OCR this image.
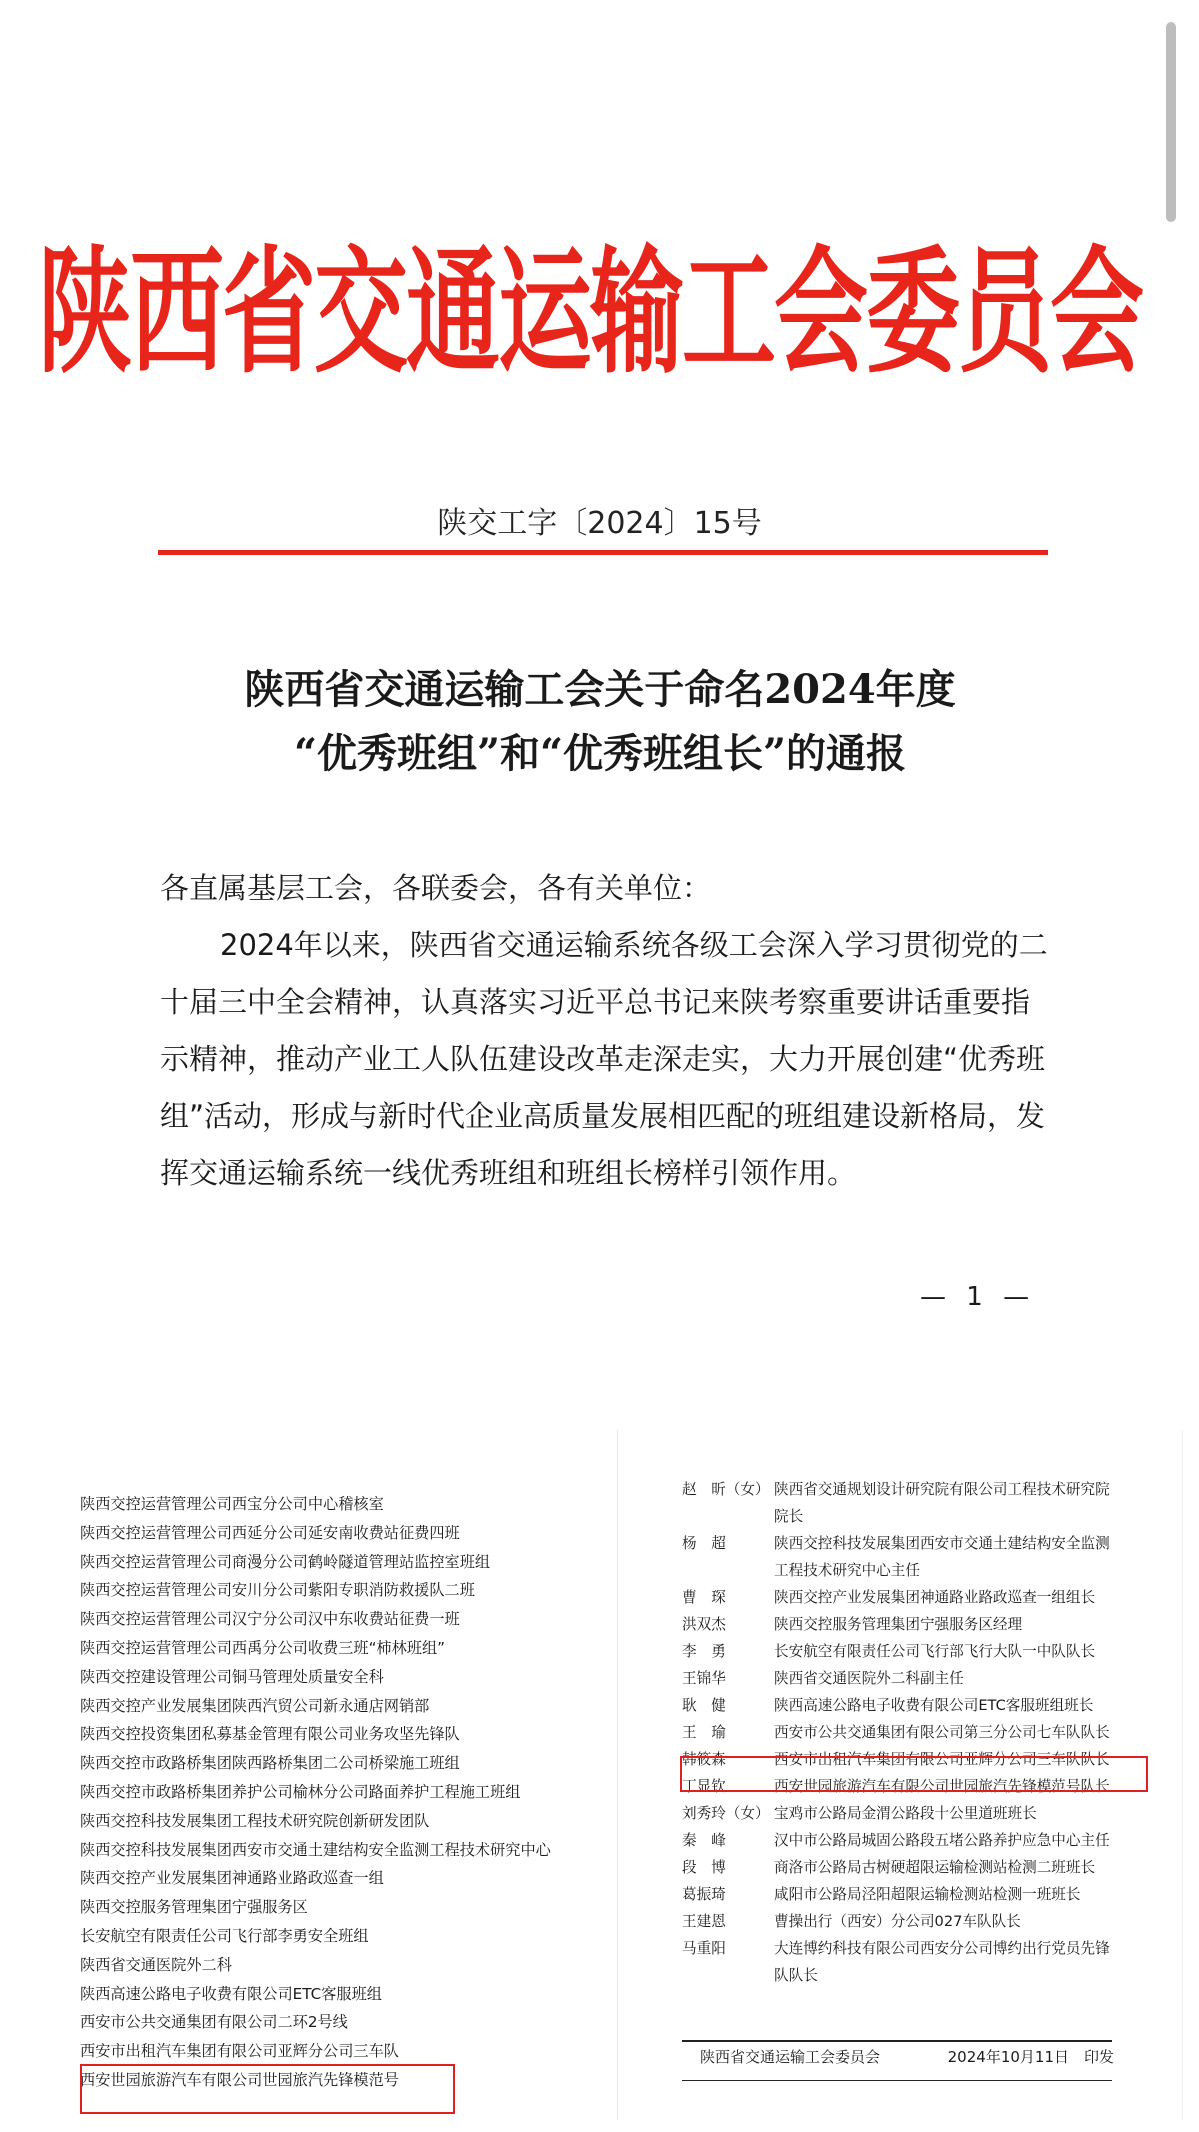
陕西省交通运输工会委员会
陕交工字〔2024〕15号
陕西省交通运输工会关于命名2024年度
“优秀班组”和“优秀班组长”的通报

各直属基层工会，各联委会，各有关单位：

2024年以来，陕西省交通运输系统各级工会深入学习贯彻党的二十届三中全会精神，认真落实习近平总书记来陕考察重要讲话重要指示精神，推动产业工人队伍建设改革走深走实，大力开展创建“优秀班组”活动，形成与新时代企业高质量发展相匹配的班组建设新格局，发挥交通运输系统一线优秀班组和班组长榜样引领作用。

— 1 —
陕西交控运营管理公司西宝分公司中心稽核室
陕西交控运营管理公司西延分公司延安南收费站征费四班
陕西交控运营管理公司商漫分公司鹤岭隧道管理站监控室班组
陕西交控运营管理公司安川分公司紫阳专职消防救援队二班
陕西交控运营管理公司汉宁分公司汉中东收费站征费一班
陕西交控运营管理公司西禹分公司收费三班“柿林班组”
陕西交控建设管理公司铜马管理处质量安全科
陕西交控产业发展集团陕西汽贸公司新永通店网销部
陕西交控投资集团私募基金管理有限公司业务攻坚先锋队
陕西交控市政路桥集团陕西路桥集团二公司桥梁施工班组
陕西交控市政路桥集团养护公司榆林分公司路面养护工程施工班组
陕西交控科技发展集团工程技术研究院创新研发团队
陕西交控科技发展集团西安市交通土建结构安全监测工程技术研究中心
陕西交控产业发展集团神通路业路政巡查一组
陕西交控服务管理集团宁强服务区
长安航空有限责任公司飞行部李勇安全班组
陕西省交通医院外二科
陕西高速公路电子收费有限公司ETC客服班组
西安市公共交通集团有限公司二环2号线
西安市出租汽车集团有限公司亚辉分公司三车队
西安世园旅游汽车有限公司世园旅汽先锋模范号
赵　昕（女） 陕西省交通规划设计研究院有限公司工程技术研究院院长
杨　超	陕西交控科技发展集团西安市交通土建结构安全监测工程技术研究中心主任
曹　琛	陕西交控产业发展集团神通路业路政巡查一组组长
洪双杰	陕西交控服务管理集团宁强服务区经理
李　勇	长安航空有限责任公司飞行部飞行大队一中队队长
王锦华	陕西省交通医院外二科副主任
耿　健	陕西高速公路电子收费有限公司ETC客服班组班长
王　瑜	西安市公共交通集团有限公司第三分公司七车队队长
韩筱森	西安市出租汽车集团有限公司亚辉分公司三车队队长
丁显钦	西安世园旅游汽车有限公司世园旅汽先锋模范号队长
刘秀玲（女） 宝鸡市公路局金渭公路段十公里道班班长
秦　峰	汉中市公路局城固公路段五堵公路养护应急中心主任
段　博	商洛市公路局古树硬超限运输检测站检测二班班长
葛振琦	咸阳市公路局泾阳超限运输检测站检测一班班长
王建恩	曹操出行（西安）分公司027车队队长
马重阳	大连博约科技有限公司西安分公司博约出行党员先锋队队长
陕西省交通运输工会委员会	2024年10月11日　印发
